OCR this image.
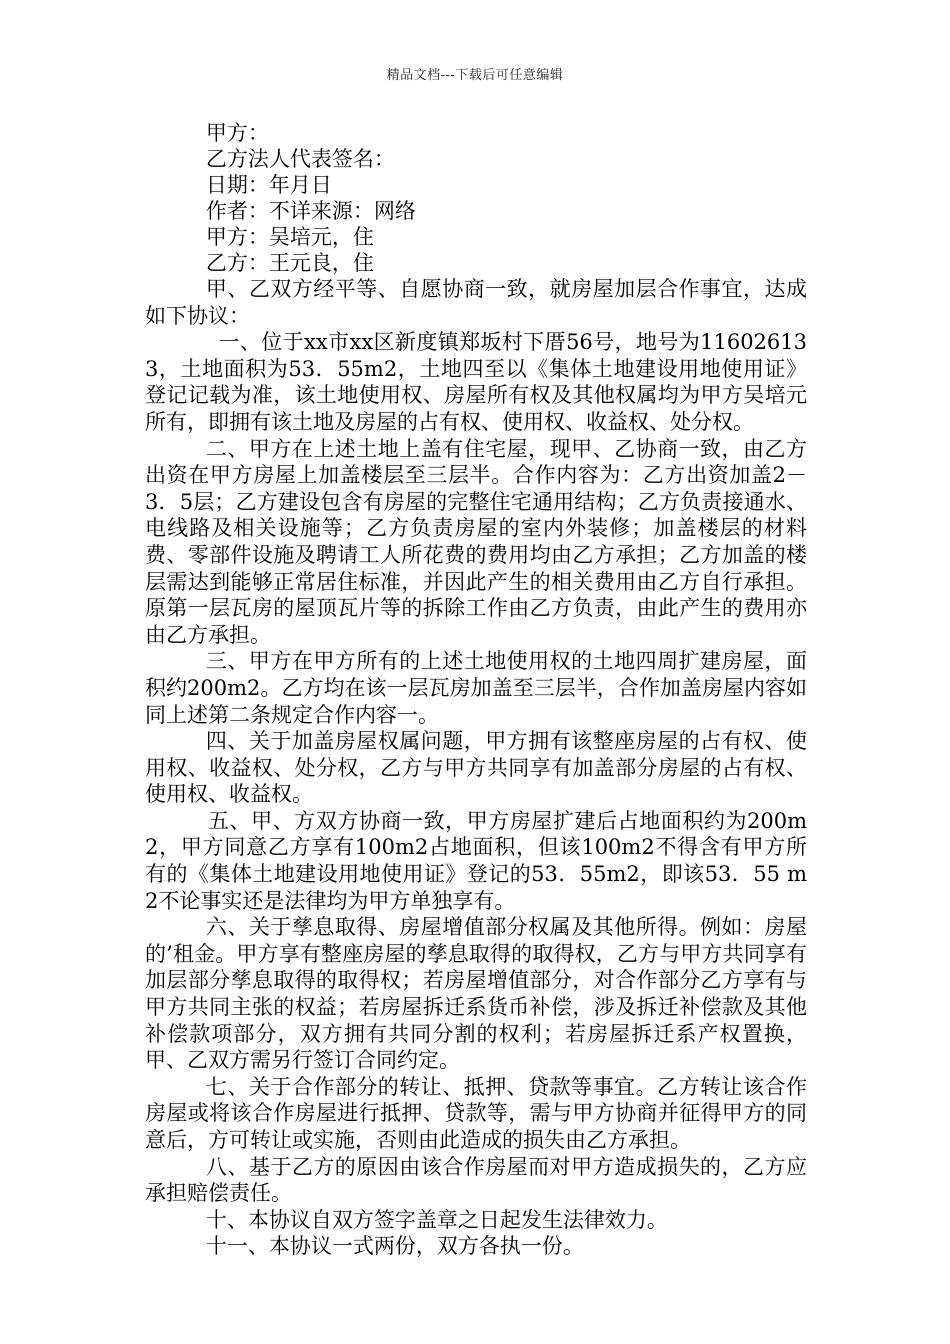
精品文档---下载后可任意编辑
甲方：
乙方法人代表签名：
日期：年月日
作者：不详来源：网络
甲方：吴培元，住
乙方：王元良，住

甲、乙双方经平等、自愿协商一致，就房屋加层合作事宜，达成如下协议：

一、位于xx市xx区新度镇郑坂村下厝56号，地号为116026133，土地面积为53．55m2，土地四至以《集体土地建设用地使用证》登记记载为准，该土地使用权、房屋所有权及其他权属均为甲方吴培元所有，即拥有该土地及房屋的占有权、使用权、收益权、处分权。

二、甲方在上述土地上盖有住宅屋，现甲、乙协商一致，由乙方出资在甲方房屋上加盖楼层至三层半。合作内容为：乙方出资加盖2－3．5层；乙方建设包含有房屋的完整住宅通用结构；乙方负责接通水、电线路及相关设施等；乙方负责房屋的室内外装修；加盖楼层的材料费、零部件设施及聘请工人所花费的费用均由乙方承担；乙方加盖的楼层需达到能够正常居住标准，并因此产生的相关费用由乙方自行承担。原第一层瓦房的屋顶瓦片等的拆除工作由乙方负责，由此产生的费用亦由乙方承担。

三、甲方在甲方所有的上述土地使用权的土地四周扩建房屋，面积约200m2。乙方均在该一层瓦房加盖至三层半，合作加盖房屋内容如同上述第二条规定合作内容一。

四、关于加盖房屋权属问题，甲方拥有该整座房屋的占有权、使用权、收益权、处分权，乙方与甲方共同享有加盖部分房屋的占有权、使用权、收益权。

五、甲、方双方协商一致，甲方房屋扩建后占地面积约为200m2，甲方同意乙方享有100m2占地面积，但该100m2不得含有甲方所有的《集体土地建设用地使用证》登记的53．55m2，即该53．55 m2不论事实还是法律均为甲方单独享有。

六、关于孳息取得、房屋增值部分权属及其他所得。例如：房屋的’租金。甲方享有整座房屋的孳息取得的取得权，乙方与甲方共同享有加层部分孳息取得的取得权；若房屋增值部分，对合作部分乙方享有与甲方共同主张的权益；若房屋拆迁系货币补偿，涉及拆迁补偿款及其他补偿款项部分，双方拥有共同分割的权利；若房屋拆迁系产权置换，甲、乙双方需另行签订合同约定。

七、关于合作部分的转让、抵押、贷款等事宜。乙方转让该合作房屋或将该合作房屋进行抵押、贷款等，需与甲方协商并征得甲方的同意后，方可转让或实施，否则由此造成的损失由乙方承担。

八、基于乙方的原因由该合作房屋而对甲方造成损失的，乙方应承担赔偿责任。

十、本协议自双方签字盖章之日起发生法律效力。

十一、本协议一式两份，双方各执一份。
